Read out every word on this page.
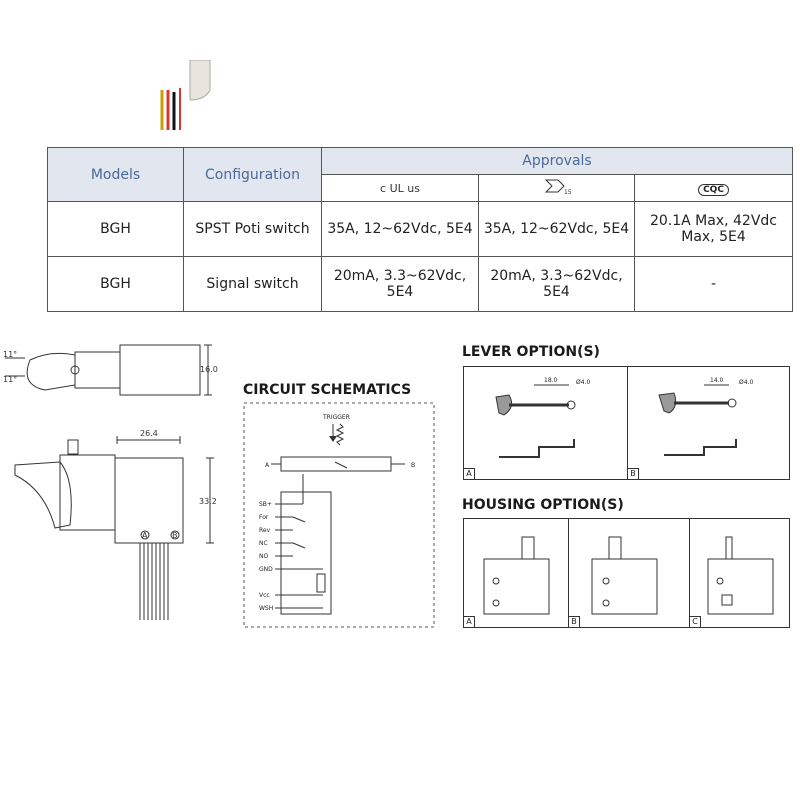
Models	Configuration	Approvals		
		c UL us	15	CQC
BGH	SPST Poti switch	35A, 12~62Vdc, 5E4	35A, 12~62Vdc, 5E4	20.1A Max, 42Vdc Max, 5E4
BGH	Signal switch	20mA, 3.3~62Vdc, 5E4	20mA, 3.3~62Vdc, 5E4	-
11°
11°
16.0
26.4
33.2
A	B
CIRCUIT SCHEMATICS
TRIGGER
A	B
SB+
For
Rev
NC
NO
GND
Vcc
WSH
LEVER OPTION(S)
18.0	Ø4.0	14.0	Ø4.0
A	B
HOUSING OPTION(S)
A	B	C
